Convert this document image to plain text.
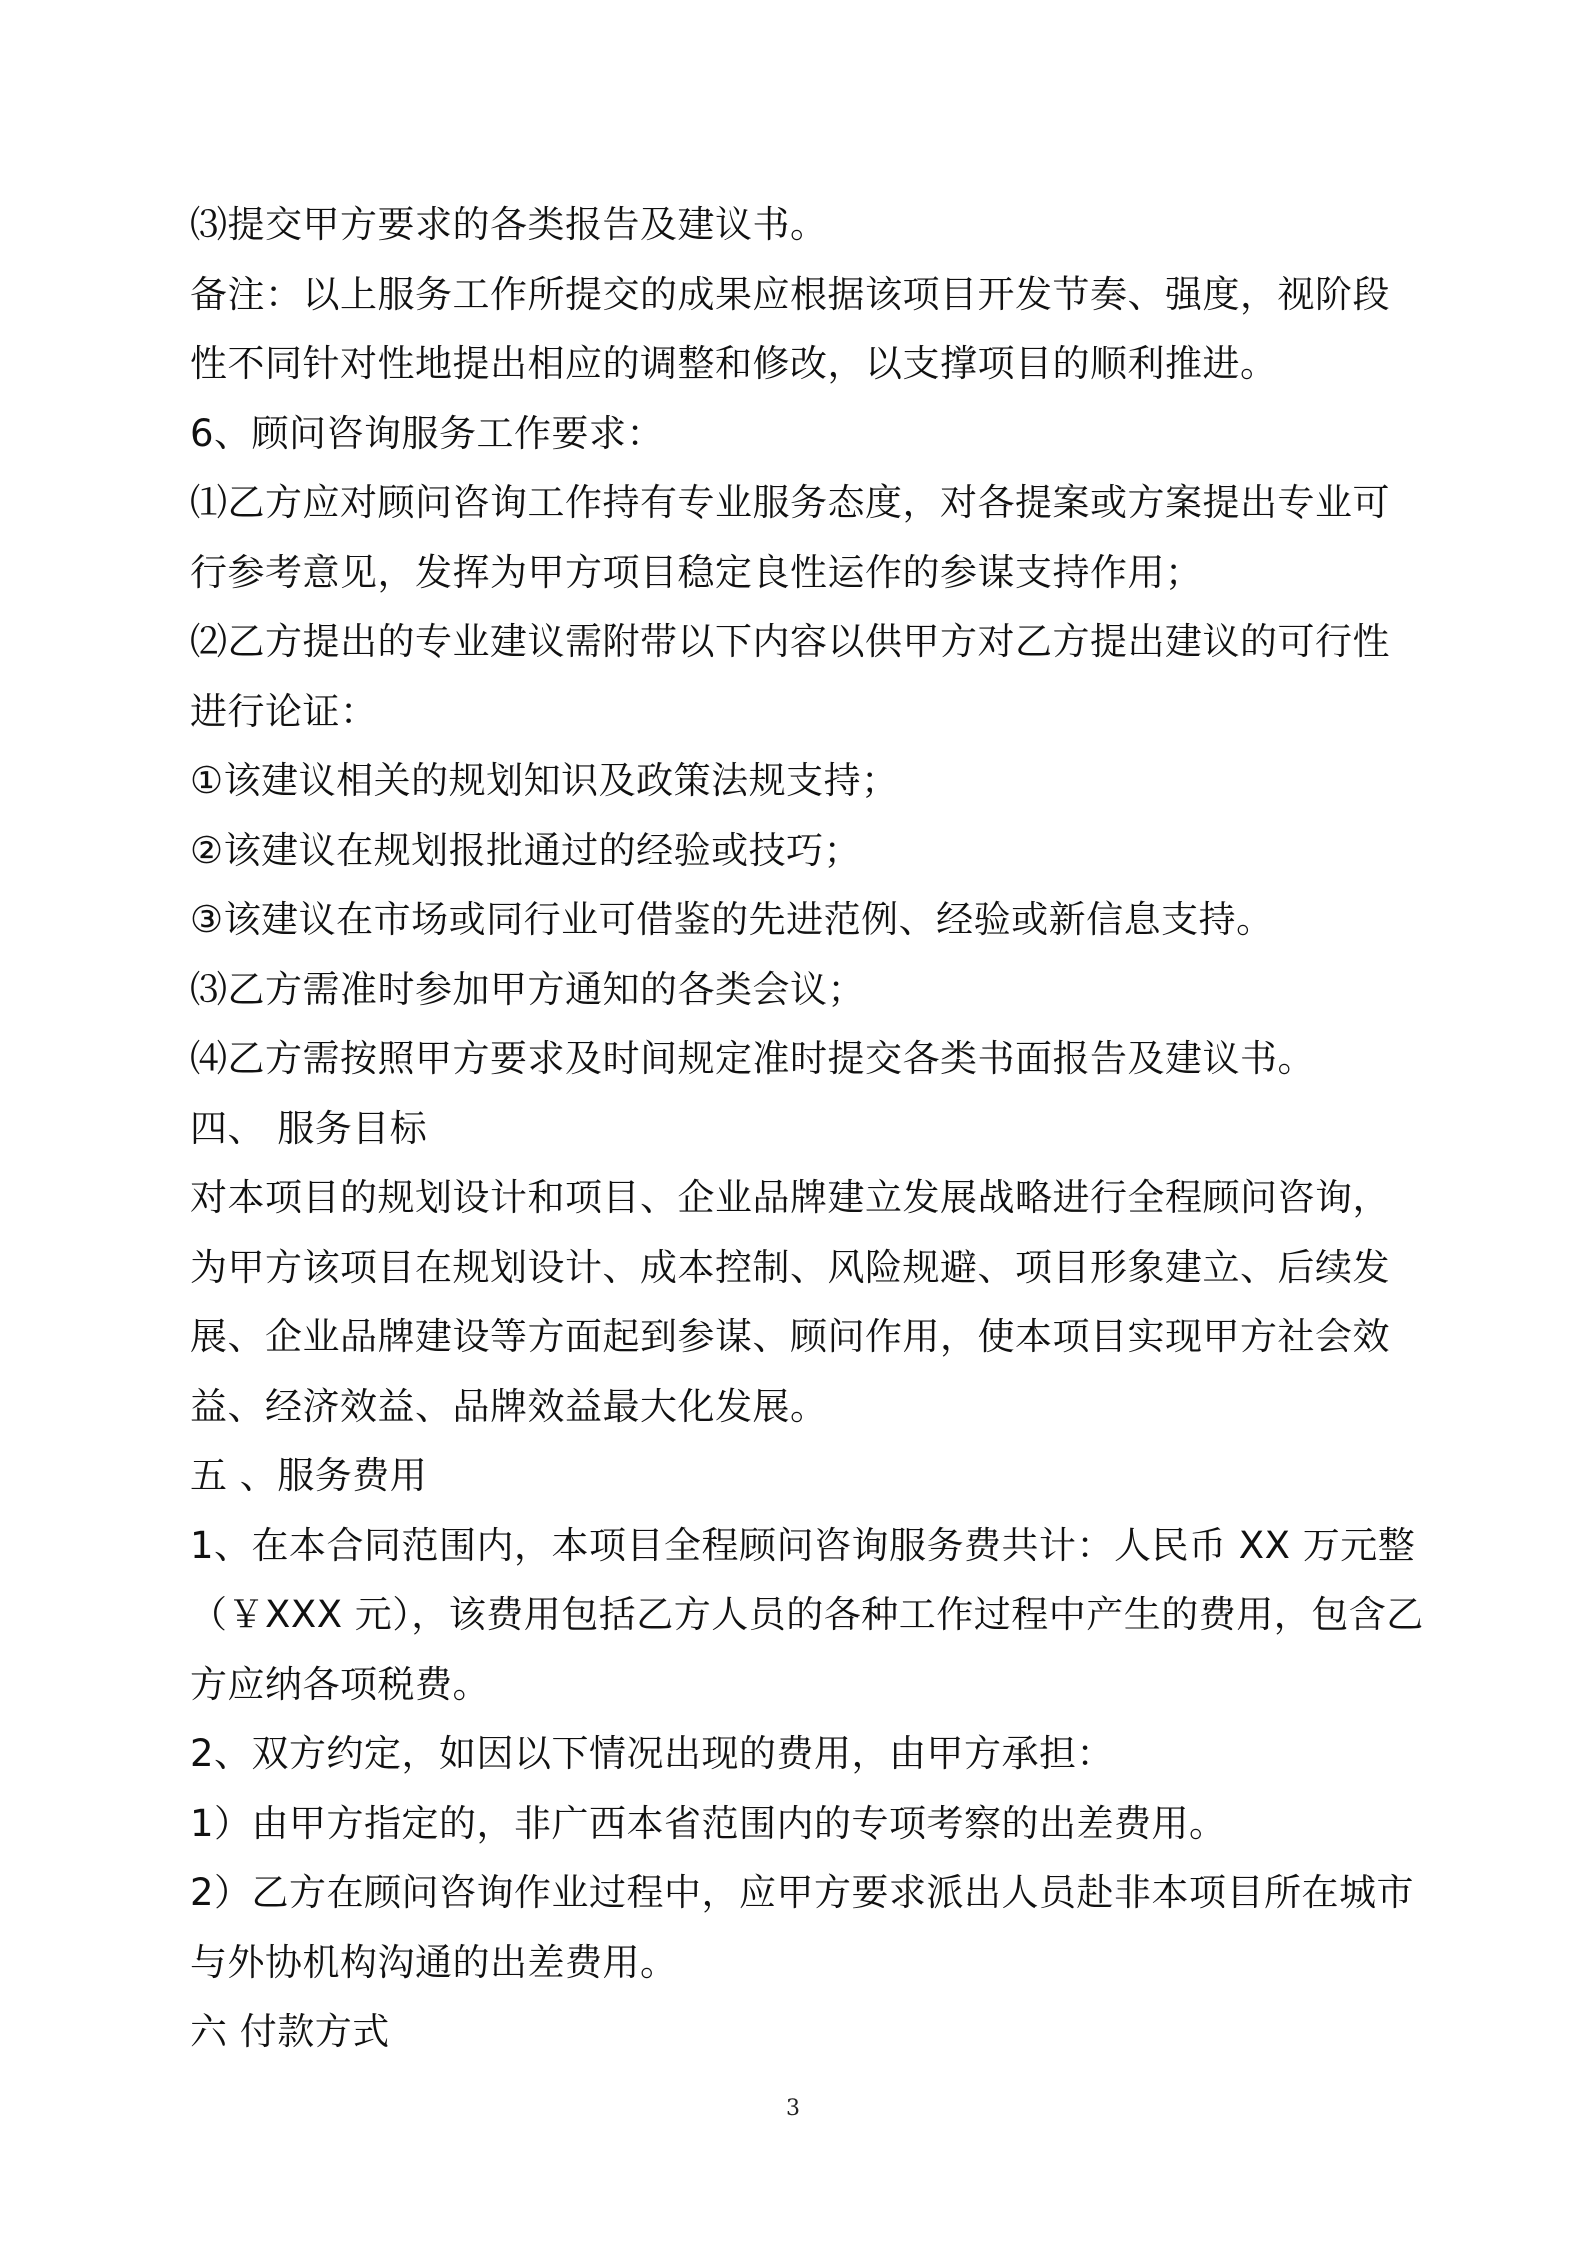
⑶提交甲方要求的各类报告及建议书。
备注：以上服务工作所提交的成果应根据该项目开发节奏、强度，视阶段
性不同针对性地提出相应的调整和修改，以支撑项目的顺利推进。
6、顾问咨询服务工作要求：
⑴乙方应对顾问咨询工作持有专业服务态度，对各提案或方案提出专业可
行参考意见，发挥为甲方项目稳定良性运作的参谋支持作用；
⑵乙方提出的专业建议需附带以下内容以供甲方对乙方提出建议的可行性
进行论证：
①该建议相关的规划知识及政策法规支持；
②该建议在规划报批通过的经验或技巧；
③该建议在市场或同行业可借鉴的先进范例、经验或新信息支持。
⑶乙方需准时参加甲方通知的各类会议；
⑷乙方需按照甲方要求及时间规定准时提交各类书面报告及建议书。
四、 服务目标
对本项目的规划设计和项目、企业品牌建立发展战略进行全程顾问咨询，
为甲方该项目在规划设计、成本控制、风险规避、项目形象建立、后续发
展、企业品牌建设等方面起到参谋、顾问作用，使本项目实现甲方社会效
益、经济效益、品牌效益最大化发展。
五 、服务费用
1、在本合同范围内，本项目全程顾问咨询服务费共计：人民币 XX 万元整
（￥XXX 元），该费用包括乙方人员的各种工作过程中产生的费用，包含乙
方应纳各项税费。
2、双方约定，如因以下情况出现的费用，由甲方承担：
1）由甲方指定的，非广西本省范围内的专项考察的出差费用。
2）乙方在顾问咨询作业过程中，应甲方要求派出人员赴非本项目所在城市
与外协机构沟通的出差费用。
六 付款方式
3
